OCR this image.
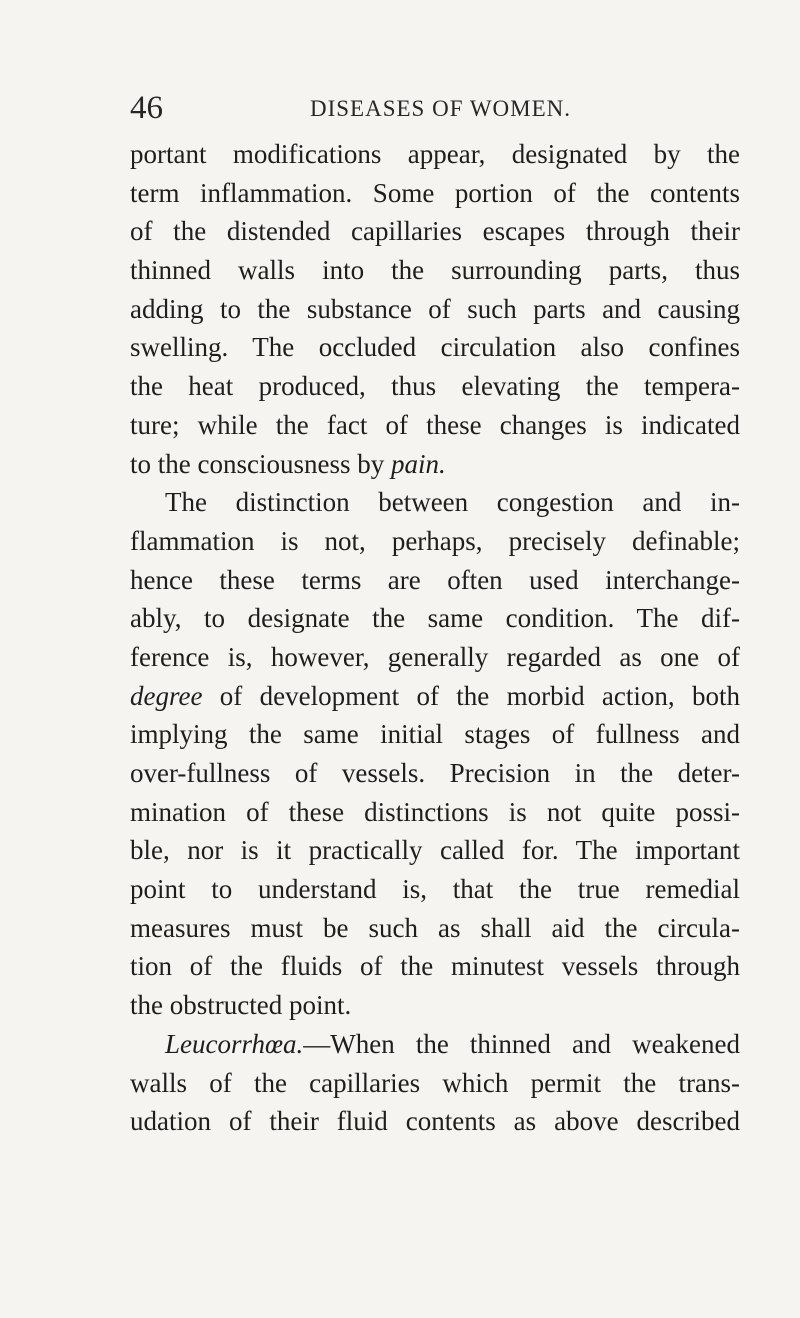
46	DISEASES OF WOMEN.
portant modifications appear, designated by the
term inflammation. Some portion of the contents
of the distended capillaries escapes through their
thinned walls into the surrounding parts, thus
adding to the substance of such parts and causing
swelling. The occluded circulation also confines
the heat produced, thus elevating the tempera-
ture; while the fact of these changes is indicated
to the consciousness by pain.
The distinction between congestion and in-
flammation is not, perhaps, precisely definable;
hence these terms are often used interchange-
ably, to designate the same condition. The dif-
ference is, however, generally regarded as one of
degree of development of the morbid action, both
implying the same initial stages of fullness and
over-fullness of vessels. Precision in the deter-
mination of these distinctions is not quite possi-
ble, nor is it practically called for. The important
point to understand is, that the true remedial
measures must be such as shall aid the circula-
tion of the fluids of the minutest vessels through
the obstructed point.
Leucorrhœa.—When the thinned and weakened
walls of the capillaries which permit the trans-
udation of their fluid contents as above described
